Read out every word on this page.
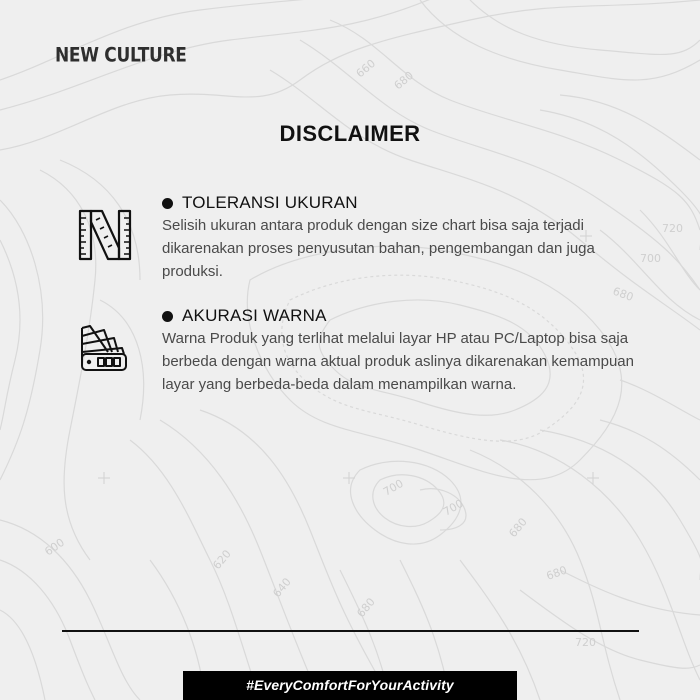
660
680
720
700
680
700
700
680
680
720
600
620
640
680
NEW CULTURE
DISCLAIMER
TOLERANSI UKURAN

Selisih ukuran antara produk dengan size chart bisa saja terjadi dikarenakan proses penyusutan bahan, pengembangan dan juga produksi.

AKURASI WARNA

Warna Produk yang terlihat melalui layar HP atau PC/Laptop bisa saja berbeda dengan warna aktual produk aslinya dikarenakan kemampuan layar yang berbeda-beda dalam menampilkan warna.

#EveryComfortForYourActivity
